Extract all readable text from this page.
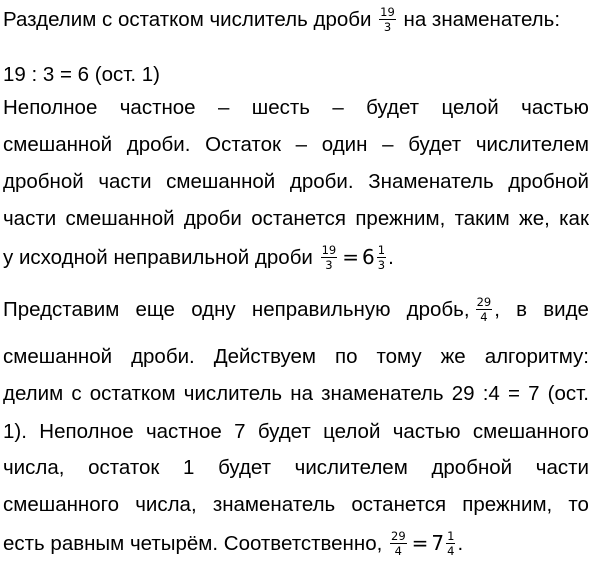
Разделим с остатком числитель дроби $\frac{19}{3}$ на знаменатель:
19 : 3 = 6 (ост. 1)
Неполное частное – шесть – будет целой частью
смешанной дроби. Остаток – один – будет числителем
дробной части смешанной дроби. Знаменатель дробной
части смешанной дроби останется прежним, таким же, как
у исходной неправильной дроби $\frac{19}{3} = 6 \frac{1}{3}$ .
Представим еще одну неправильную дробь, $\frac{29}{4}$ , в виде
смешанной дроби. Действуем по тому же алгоритму:
делим с остатком числитель на знаменатель 29 :4 = 7 (ост.
1). Неполное частное 7 будет целой частью смешанного
числа, остаток 1 будет числителем дробной части
смешанного числа, знаменатель останется прежним, то
есть равным четырём. Соответственно, $\frac{29}{4} = 7 \frac{1}{4}$ .
